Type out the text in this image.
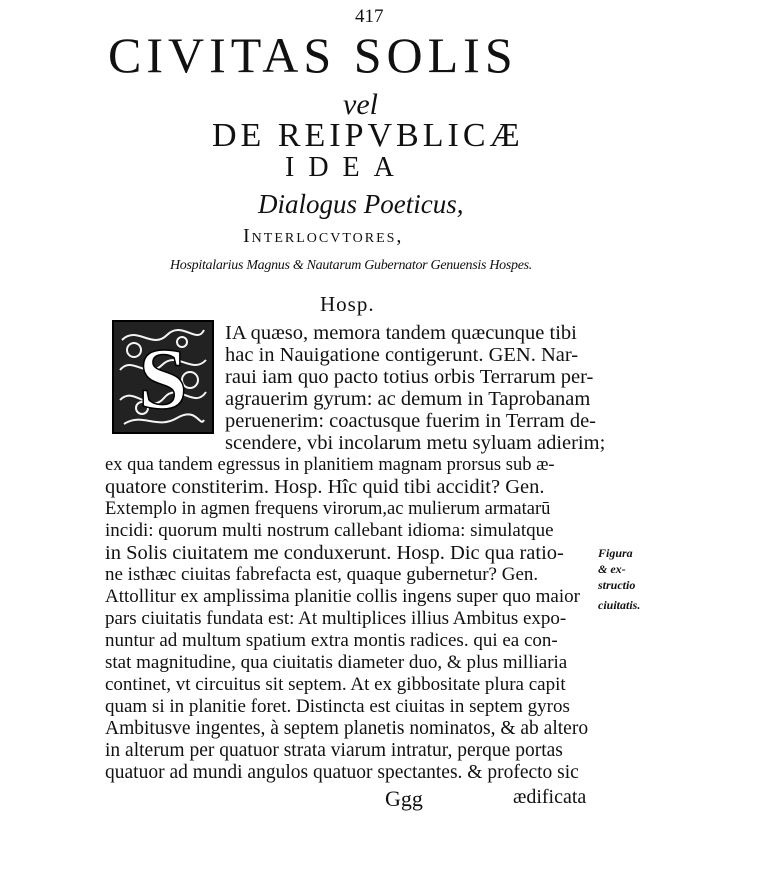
417
CIVITAS SOLIS
vel
DE REIPVBLICÆ
IDEA
Dialogus Poeticus,
Interlocvtores,
Hospitalarius Magnus & Nautarum Gubernator Genuensis Hospes.
Hosp.
S IA quæso, memora tandem quæcunque tibi
hac in Nauigatione contigerunt. GEN. Nar-
raui iam quo pacto totius orbis Terrarum per-
agrauerim gyrum: ac demum in Taprobanam
peruenerim: coactusque fuerim in Terram de-
scendere, vbi incolarum metu syluam adierim;
ex qua tandem egressus in planitiem magnam prorsus sub æ-
quatore constiterim. Hosp. Hîc quid tibi accidit? Gen.
Extemplo in agmen frequens virorum,ac mulierum armatarū
incidi: quorum multi nostrum callebant idioma: simulatque
in Solis ciuitatem me conduxerunt. Hosp. Dic qua ratio-
ne isthæc ciuitas fabrefacta est, quaque gubernetur? Gen.
Attollitur ex amplissima planitie collis ingens super quo maior
pars ciuitatis fundata est: At multiplices illius Ambitus expo-
nuntur ad multum spatium extra montis radices. qui ea con-
stat magnitudine, qua ciuitatis diameter duo, & plus milliaria
continet, vt circuitus sit septem. At ex gibbositate plura capit
quam si in planitie foret. Distincta est ciuitas in septem gyros
Ambitusve ingentes, à septem planetis nominatos, & ab altero
in alterum per quatuor strata viarum intratur, perque portas
quatuor ad mundi angulos quatuor spectantes. & profecto sic
Figura
& ex-
structio
ciuitatis.
Ggg	ædificata
